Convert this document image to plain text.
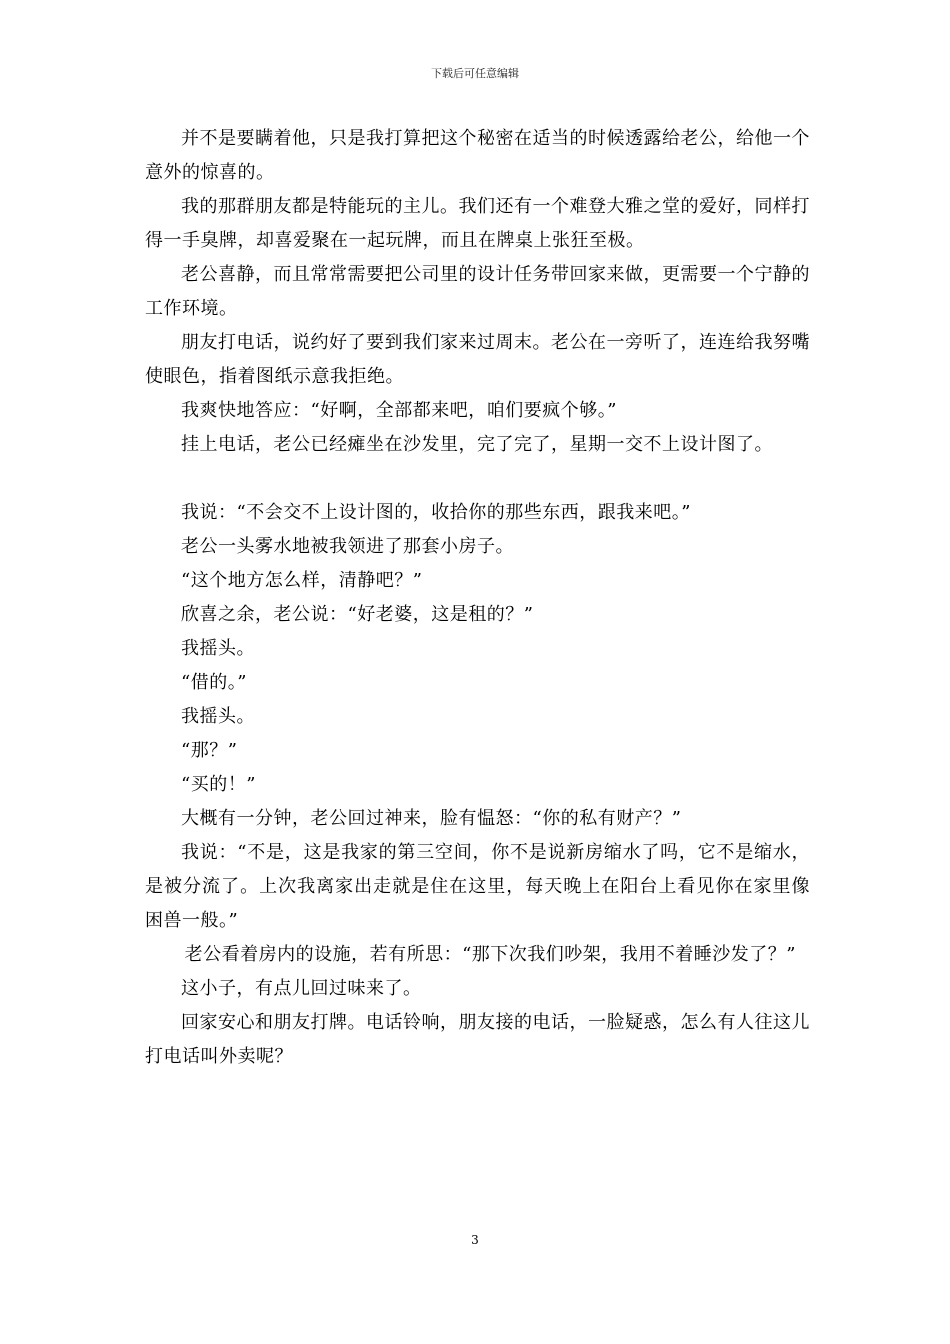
下载后可任意编辑

并不是要瞒着他，只是我打算把这个秘密在适当的时候透露给老公，给他一个意外的惊喜的。

我的那群朋友都是特能玩的主儿。我们还有一个难登大雅之堂的爱好，同样打得一手臭牌，却喜爱聚在一起玩牌，而且在牌桌上张狂至极。

老公喜静，而且常常需要把公司里的设计任务带回家来做，更需要一个宁静的工作环境。

朋友打电话，说约好了要到我们家来过周末。老公在一旁听了，连连给我努嘴使眼色，指着图纸示意我拒绝。

我爽快地答应：“好啊，全部都来吧，咱们要疯个够。”

挂上电话，老公已经瘫坐在沙发里，完了完了，星期一交不上设计图了。

我说：“不会交不上设计图的，收拾你的那些东西，跟我来吧。”

老公一头雾水地被我领进了那套小房子。

“这个地方怎么样，清静吧？”

欣喜之余，老公说：“好老婆，这是租的？”

我摇头。

“借的。”

我摇头。

“那？”

“买的！”

大概有一分钟，老公回过神来，脸有愠怒：“你的私有财产？”

我说：“不是，这是我家的第三空间，你不是说新房缩水了吗，它不是缩水，是被分流了。上次我离家出走就是住在这里，每天晚上在阳台上看见你在家里像困兽一般。”

老公看着房内的设施，若有所思：“那下次我们吵架，我用不着睡沙发了？”

这小子，有点儿回过味来了。

回家安心和朋友打牌。电话铃响，朋友接的电话，一脸疑惑，怎么有人往这儿打电话叫外卖呢？

3
